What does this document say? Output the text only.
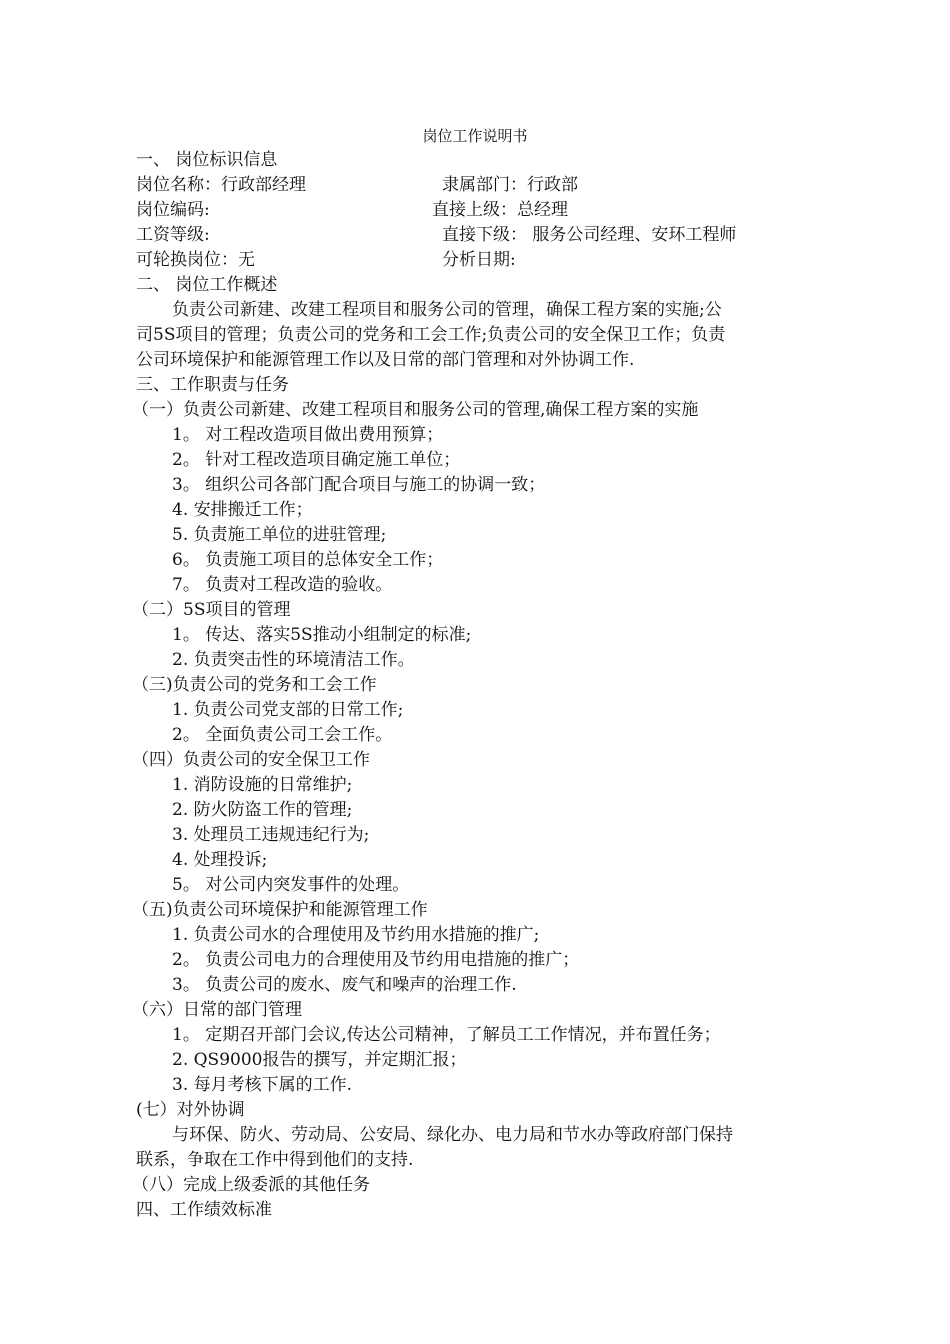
岗位工作说明书
一、 岗位标识信息
岗位名称：行政部经理	隶属部门：行政部
岗位编码:	直接上级：总经理
工资等级:	直接下级： 服务公司经理、安环工程师
可轮换岗位：无	分析日期:
二、 岗位工作概述
负责公司新建、改建工程项目和服务公司的管理，确保工程方案的实施;公
司5S项目的管理；负责公司的党务和工会工作;负责公司的安全保卫工作；负责
公司环境保护和能源管理工作以及日常的部门管理和对外协调工作.
三、工作职责与任务
（一）负责公司新建、改建工程项目和服务公司的管理,确保工程方案的实施
1。 对工程改造项目做出费用预算；
2。 针对工程改造项目确定施工单位；
3。 组织公司各部门配合项目与施工的协调一致；
4. 安排搬迁工作；
5. 负责施工单位的进驻管理;
6。 负责施工项目的总体安全工作；
7。 负责对工程改造的验收。
（二）5S项目的管理
1。 传达、落实5S推动小组制定的标准;
2. 负责突击性的环境清洁工作。
（三)负责公司的党务和工会工作
1. 负责公司党支部的日常工作;
2。 全面负责公司工会工作。
（四）负责公司的安全保卫工作
1. 消防设施的日常维护;
2. 防火防盗工作的管理;
3. 处理员工违规违纪行为;
4. 处理投诉;
5。 对公司内突发事件的处理。
（五)负责公司环境保护和能源管理工作
1. 负责公司水的合理使用及节约用水措施的推广;
2。 负责公司电力的合理使用及节约用电措施的推广；
3。 负责公司的废水、废气和噪声的治理工作.
（六）日常的部门管理
1。 定期召开部门会议,传达公司精神，了解员工工作情况，并布置任务；
2. QS9000报告的撰写，并定期汇报；
3. 每月考核下属的工作.
(七）对外协调
与环保、防火、劳动局、公安局、绿化办、电力局和节水办等政府部门保持
联系，争取在工作中得到他们的支持.
（八）完成上级委派的其他任务
四、工作绩效标准
